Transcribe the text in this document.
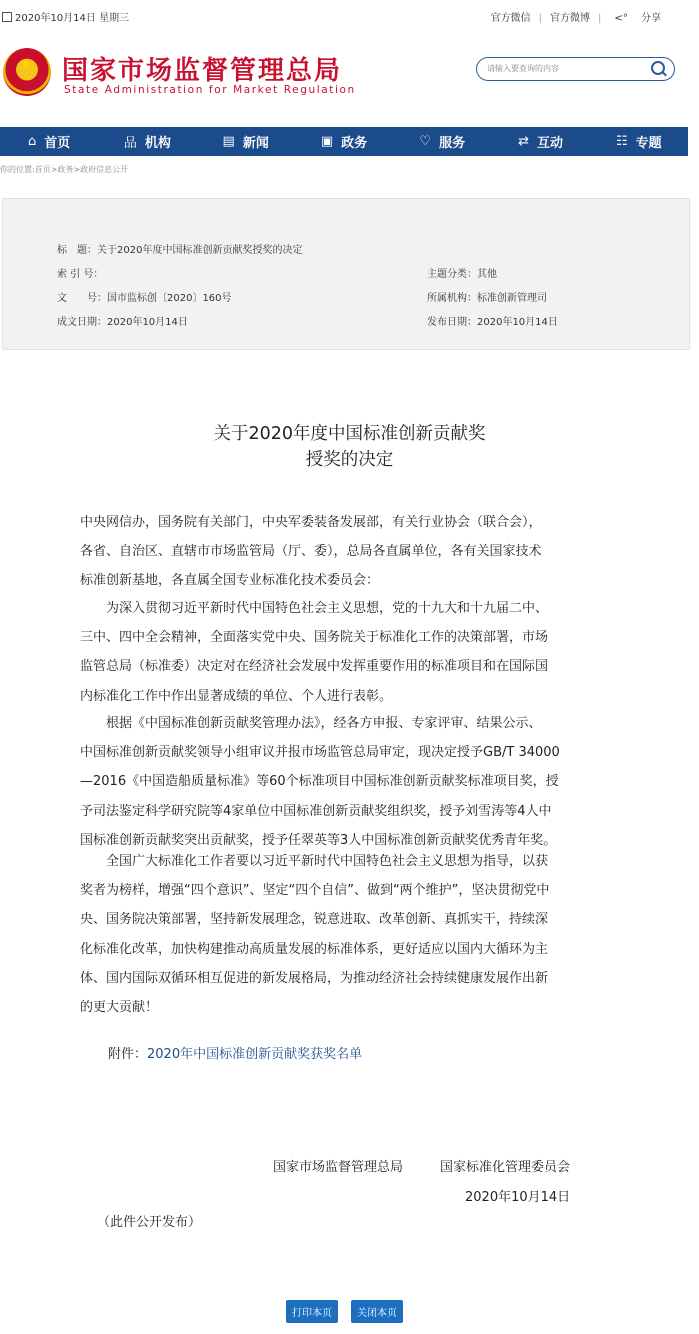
2020年10月14日 星期三	官方微信 | 官方微博 | <° 分享
★ 国家市场监督管理总局
State Administration for Market Regulation
请输入要查询的内容
⌂ 首页	品 机构	▤ 新闻	▣ 政务	♡ 服务	⇄ 互动	☷ 专题
你的位置:首页>政务>政府信息公开
标　题：关于2020年度中国标准创新贡献奖授奖的决定
索 引 号：	主题分类：其他
文　　号：国市监标创〔2020〕160号	所属机构：标准创新管理司
成文日期：2020年10月14日	发布日期：2020年10月14日
关于2020年度中国标准创新贡献奖
授奖的决定
中央网信办，国务院有关部门，中央军委装备发展部，有关行业协会（联合会），
各省、自治区、直辖市市场监管局（厅、委），总局各直属单位，各有关国家技术
标准创新基地，各直属全国专业标准化技术委员会：
为深入贯彻习近平新时代中国特色社会主义思想，党的十九大和十九届二中、
三中、四中全会精神，全面落实党中央、国务院关于标准化工作的决策部署，市场
监管总局（标准委）决定对在经济社会发展中发挥重要作用的标准项目和在国际国
内标准化工作中作出显著成绩的单位、个人进行表彰。
根据《中国标准创新贡献奖管理办法》，经各方申报、专家评审、结果公示、
中国标准创新贡献奖领导小组审议并报市场监管总局审定，现决定授予GB/T 34000
—2016《中国造船质量标准》等60个标准项目中国标准创新贡献奖标准项目奖，授
予司法鉴定科学研究院等4家单位中国标准创新贡献奖组织奖，授予刘雪涛等4人中
国标准创新贡献奖突出贡献奖，授予任翠英等3人中国标准创新贡献奖优秀青年奖。
全国广大标准化工作者要以习近平新时代中国特色社会主义思想为指导，以获
奖者为榜样，增强“四个意识”、坚定“四个自信”、做到“两个维护”，坚决贯彻党中
央、国务院决策部署，坚持新发展理念，锐意进取、改革创新、真抓实干，持续深
化标准化改革，加快构建推动高质量发展的标准体系，更好适应以国内大循环为主
体、国内国际双循环相互促进的新发展格局，为推动经济社会持续健康发展作出新
的更大贡献！
附件：2020年中国标准创新贡献奖获奖名单
国家市场监督管理总局	国家标准化管理委员会
2020年10月14日
（此件公开发布）
打印本页	关闭本页
